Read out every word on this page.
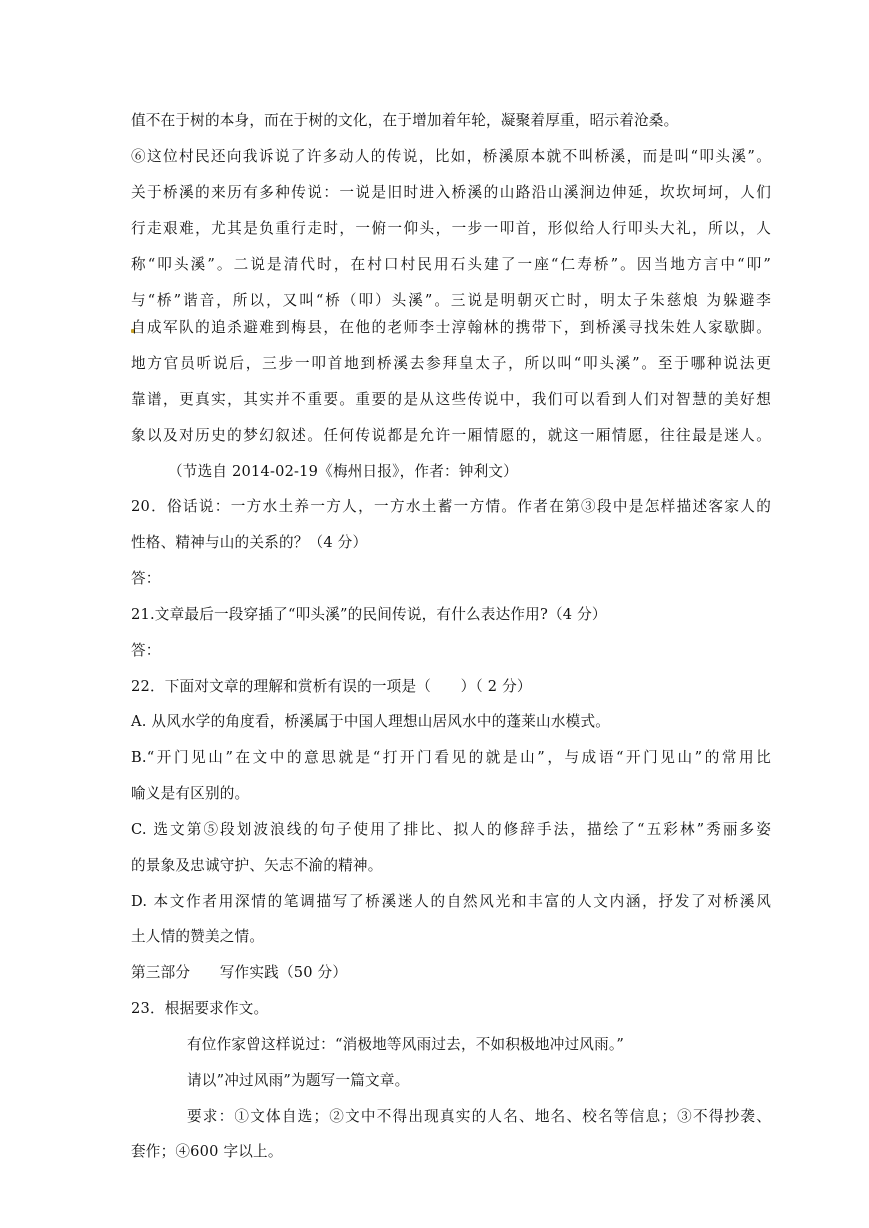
值不在于树的本身，而在于树的文化，在于增加着年轮，凝聚着厚重，昭示着沧桑。
⑥这位村民还向我诉说了许多动人的传说，比如，桥溪原本就不叫桥溪，而是叫“叩头溪”。
关于桥溪的来历有多种传说：一说是旧时进入桥溪的山路沿山溪涧边伸延，坎坎坷坷，人们
行走艰难，尤其是负重行走时，一俯一仰头，一步一叩首，形似给人行叩头大礼，所以，人
称“叩头溪”。二说是清代时，在村口村民用石头建了一座“仁寿桥”。因当地方言中“叩”
与“桥”谐音，所以，又叫“桥（叩）头溪”。三说是明朝灭亡时，明太子朱慈烺 为躲避李
自成军队的追杀避难到梅县，在他的老师李士淳翰林的携带下，到桥溪寻找朱姓人家歇脚。
地方官员听说后，三步一叩首地到桥溪去参拜皇太子，所以叫“叩头溪”。至于哪种说法更
靠谱，更真实，其实并不重要。重要的是从这些传说中，我们可以看到人们对智慧的美好想
象以及对历史的梦幻叙述。任何传说都是允许一厢情愿的，就这一厢情愿，往往最是迷人。
（节选自 2014-02-19《梅州日报》，作者：钟利文）
20．俗话说：一方水土养一方人，一方水土蓄一方情。作者在第③段中是怎样描述客家人的
性格、精神与山的关系的？（4 分）
答：
21.文章最后一段穿插了“叩头溪”的民间传说，有什么表达作用?（4 分）
答：
22．下面对文章的理解和赏析有误的一项是（　　）（ 2 分）
A. 从风水学的角度看，桥溪属于中国人理想山居风水中的蓬莱山水模式。
B.“开门见山”在文中的意思就是“打开门看见的就是山”，与成语“开门见山”的常用比
喻义是有区别的。
C. 选文第⑤段划波浪线的句子使用了排比、拟人的修辞手法，描绘了“五彩林”秀丽多姿
的景象及忠诚守护、矢志不渝的精神。
D. 本文作者用深情的笔调描写了桥溪迷人的自然风光和丰富的人文内涵，抒发了对桥溪风
土人情的赞美之情。
第三部分　　写作实践（50 分）
23．根据要求作文。
有位作家曾这样说过：“消极地等风雨过去，不如积极地冲过风雨。”
请以”冲过风雨”为题写一篇文章。
要求：①文体自选；②文中不得出现真实的人名、地名、校名等信息；③不得抄袭、
套作；④600 字以上。
